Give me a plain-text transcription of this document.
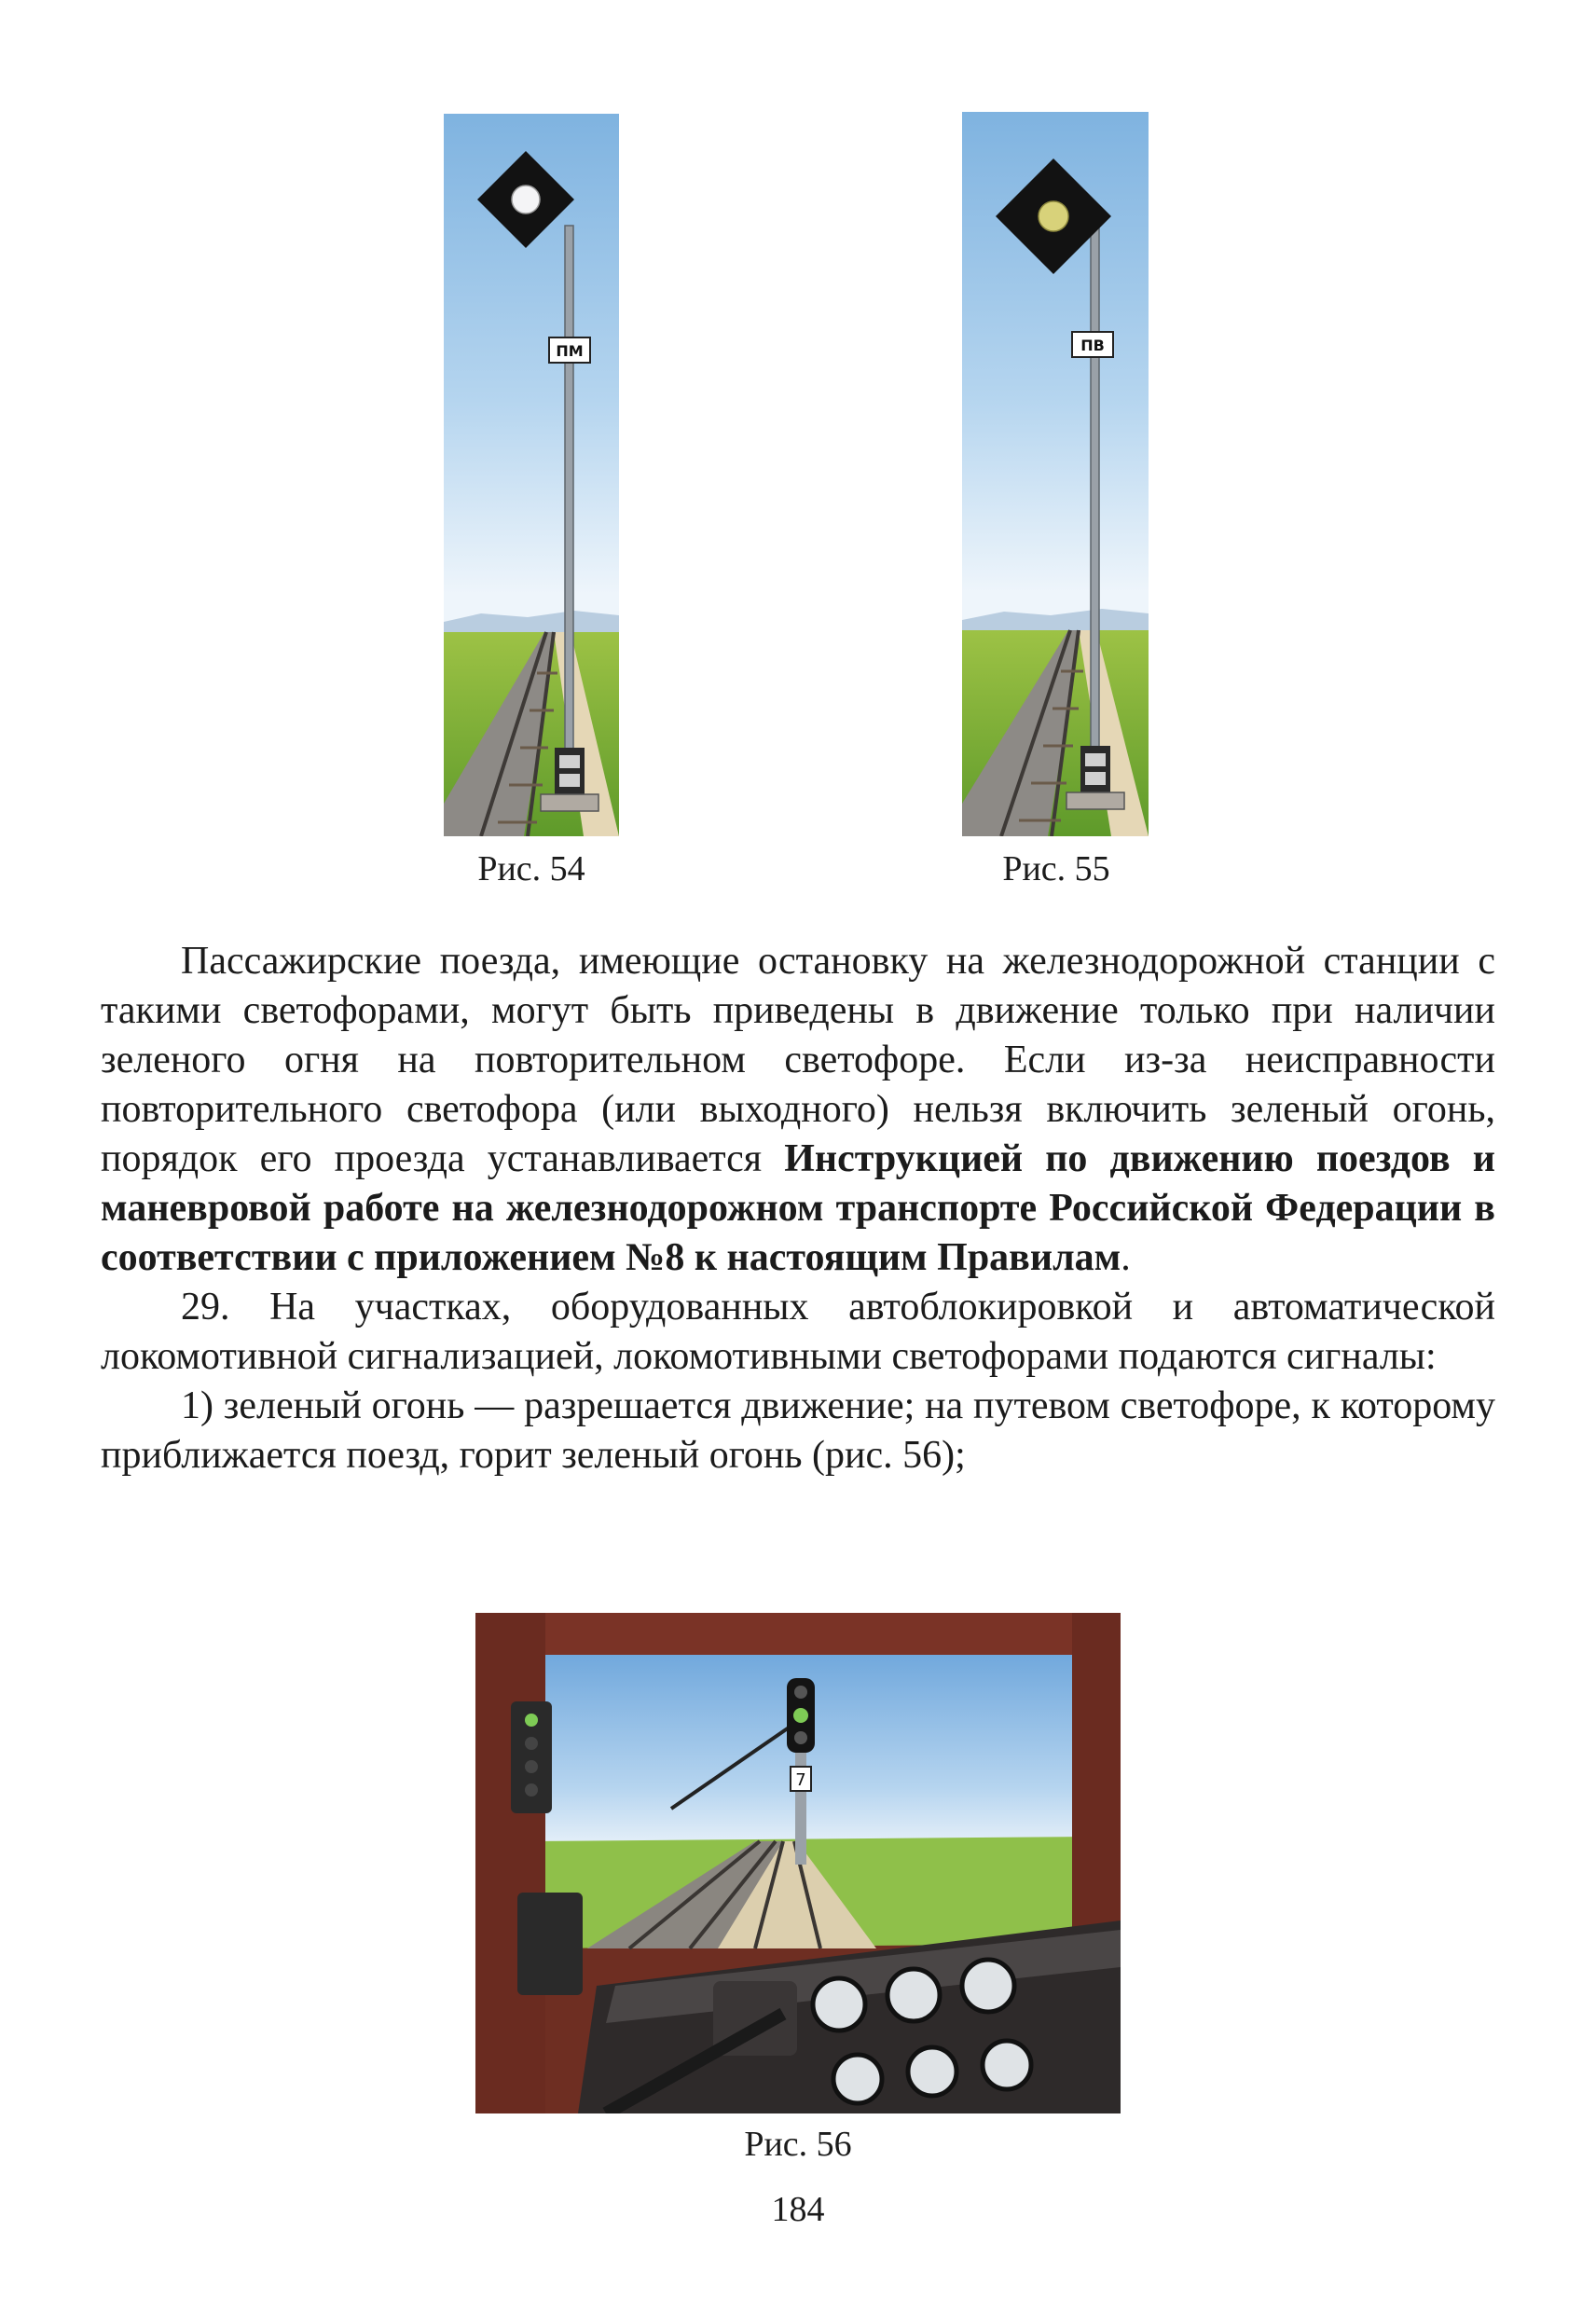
ПМ	ПВ
Рис. 54	Рис. 55

Пассажирские поезда, имеющие остановку на железнодорожной станции с такими светофорами, могут быть приведены в движение только при наличии зеленого огня на повторительном светофоре. Если из-за неисправности повторительного светофора (или выходного) нельзя включить зеленый огонь, порядок его проезда устанавливается Инструкцией по движению поездов и маневровой работе на железнодорожном транспорте Российской Федерации в соответствии с приложением №8 к настоящим Правилам.

29. На участках, оборудованных автоблокировкой и автоматической локомотивной сигнализацией, локомотивными светофорами подаются сигналы:

1) зеленый огонь — разрешается движение; на путевом светофоре, к которому приближается поезд, горит зеленый огонь (рис. 56);

7
Рис. 56
184
